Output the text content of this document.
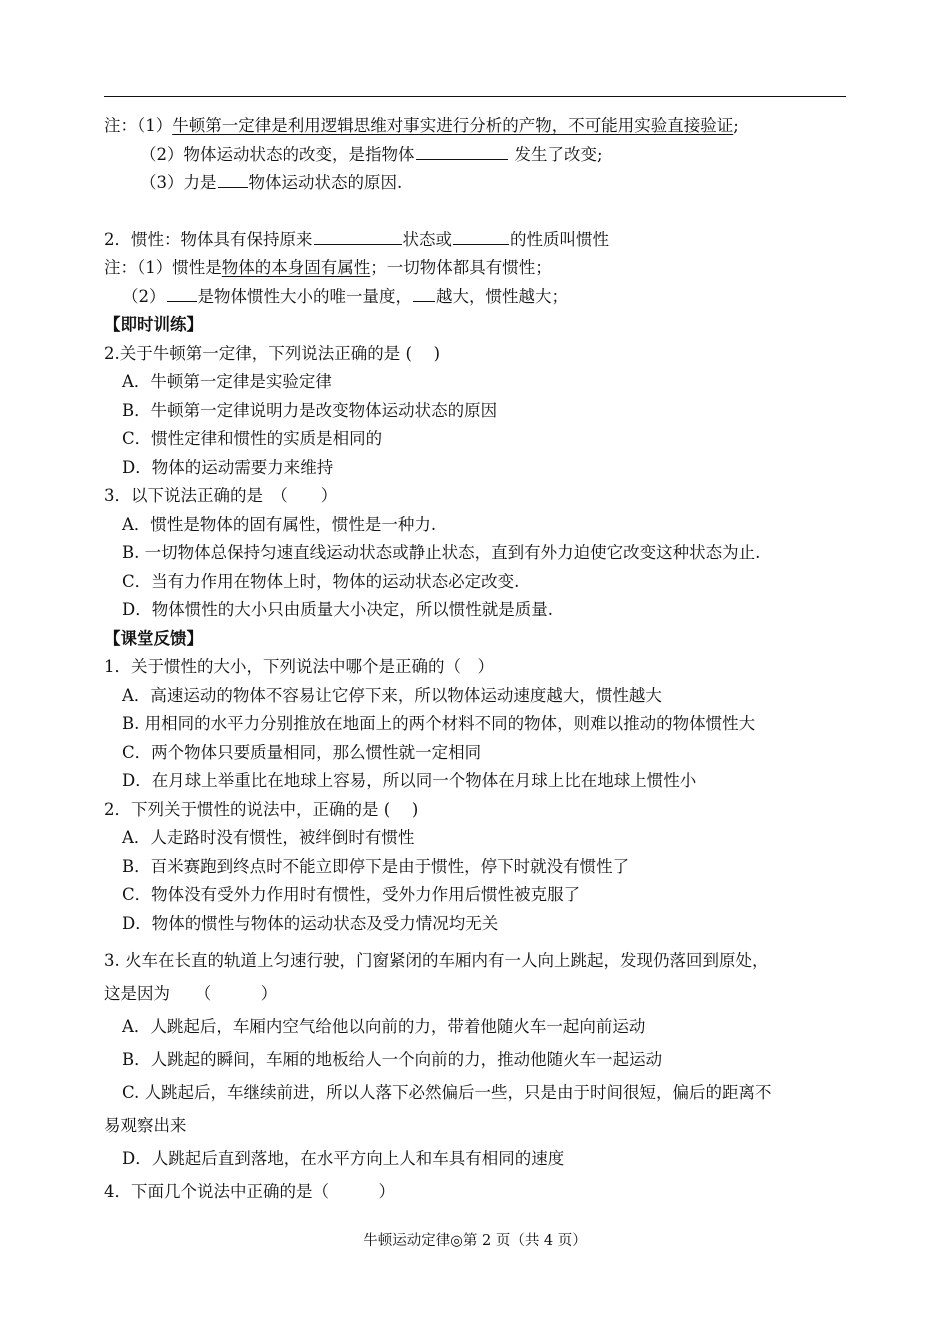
注：（1）牛顿第一定律是利用逻辑思维对事实进行分析的产物，不可能用实验直接验证;
（2）物体运动状态的改变，是指物体	发生了改变;
（3）力是 物体运动状态的原因.
2．惯性：物体具有保持原来	状态或	的性质叫惯性
注：（1）惯性是物体的本身固有属性；一切物体都具有惯性；
（2） 是物体惯性大小的唯一量度， 越大，惯性越大；
【即时训练】
2.关于牛顿第一定律，下列说法正确的是 (　 )
A．牛顿第一定律是实验定律
B．牛顿第一定律说明力是改变物体运动状态的原因
C．惯性定律和惯性的实质是相同的
D．物体的运动需要力来维持
3．以下说法正确的是　（　　）
A．惯性是物体的固有属性，惯性是一种力.
B. 一切物体总保持匀速直线运动状态或静止状态，直到有外力迫使它改变这种状态为止.
C．当有力作用在物体上时，物体的运动状态必定改变.
D．物体惯性的大小只由质量大小决定，所以惯性就是质量.
【课堂反馈】
1．关于惯性的大小，下列说法中哪个是正确的（　）
A．高速运动的物体不容易让它停下来，所以物体运动速度越大，惯性越大
B. 用相同的水平力分别推放在地面上的两个材料不同的物体，则难以推动的物体惯性大
C．两个物体只要质量相同，那么惯性就一定相同
D．在月球上举重比在地球上容易，所以同一个物体在月球上比在地球上惯性小
2．下列关于惯性的说法中，正确的是 (　 )
A．人走路时没有惯性，被绊倒时有惯性
B．百米赛跑到终点时不能立即停下是由于惯性，停下时就没有惯性了
C．物体没有受外力作用时有惯性，受外力作用后惯性被克服了
D．物体的惯性与物体的运动状态及受力情况均无关
3. 火车在长直的轨道上匀速行驶，门窗紧闭的车厢内有一人向上跳起，发现仍落回到原处，
这是因为　　（　　　）
A．人跳起后，车厢内空气给他以向前的力，带着他随火车一起向前运动
B．人跳起的瞬间，车厢的地板给人一个向前的力，推动他随火车一起运动
C. 人跳起后，车继续前进，所以人落下必然偏后一些，只是由于时间很短，偏后的距离不
易观察出来
D．人跳起后直到落地，在水平方向上人和车具有相同的速度
4．下面几个说法中正确的是（　　　）
牛顿运动定律◎第 2 页（共 4 页）
